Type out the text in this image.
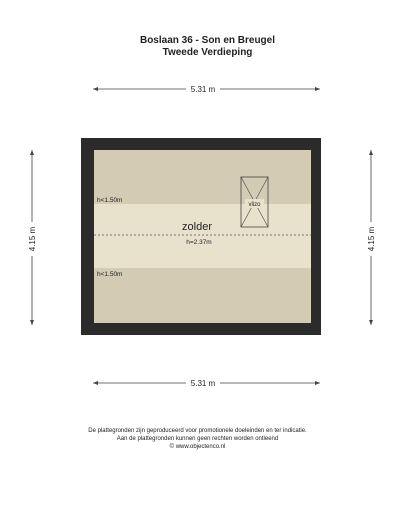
Boslaan 36 - Son en Breugel
Tweede Verdieping
5.31 m
5.31 m
4.15 m	4.15 m
vlizo
h<1.50m
h<1.50m
zolder
h=2.37m
De plattegronden zijn geproduceerd voor promotionele doeleinden en ter indicatie.
Aan de plattegronden kunnen geen rechten worden ontleend
© www.objectenco.nl
